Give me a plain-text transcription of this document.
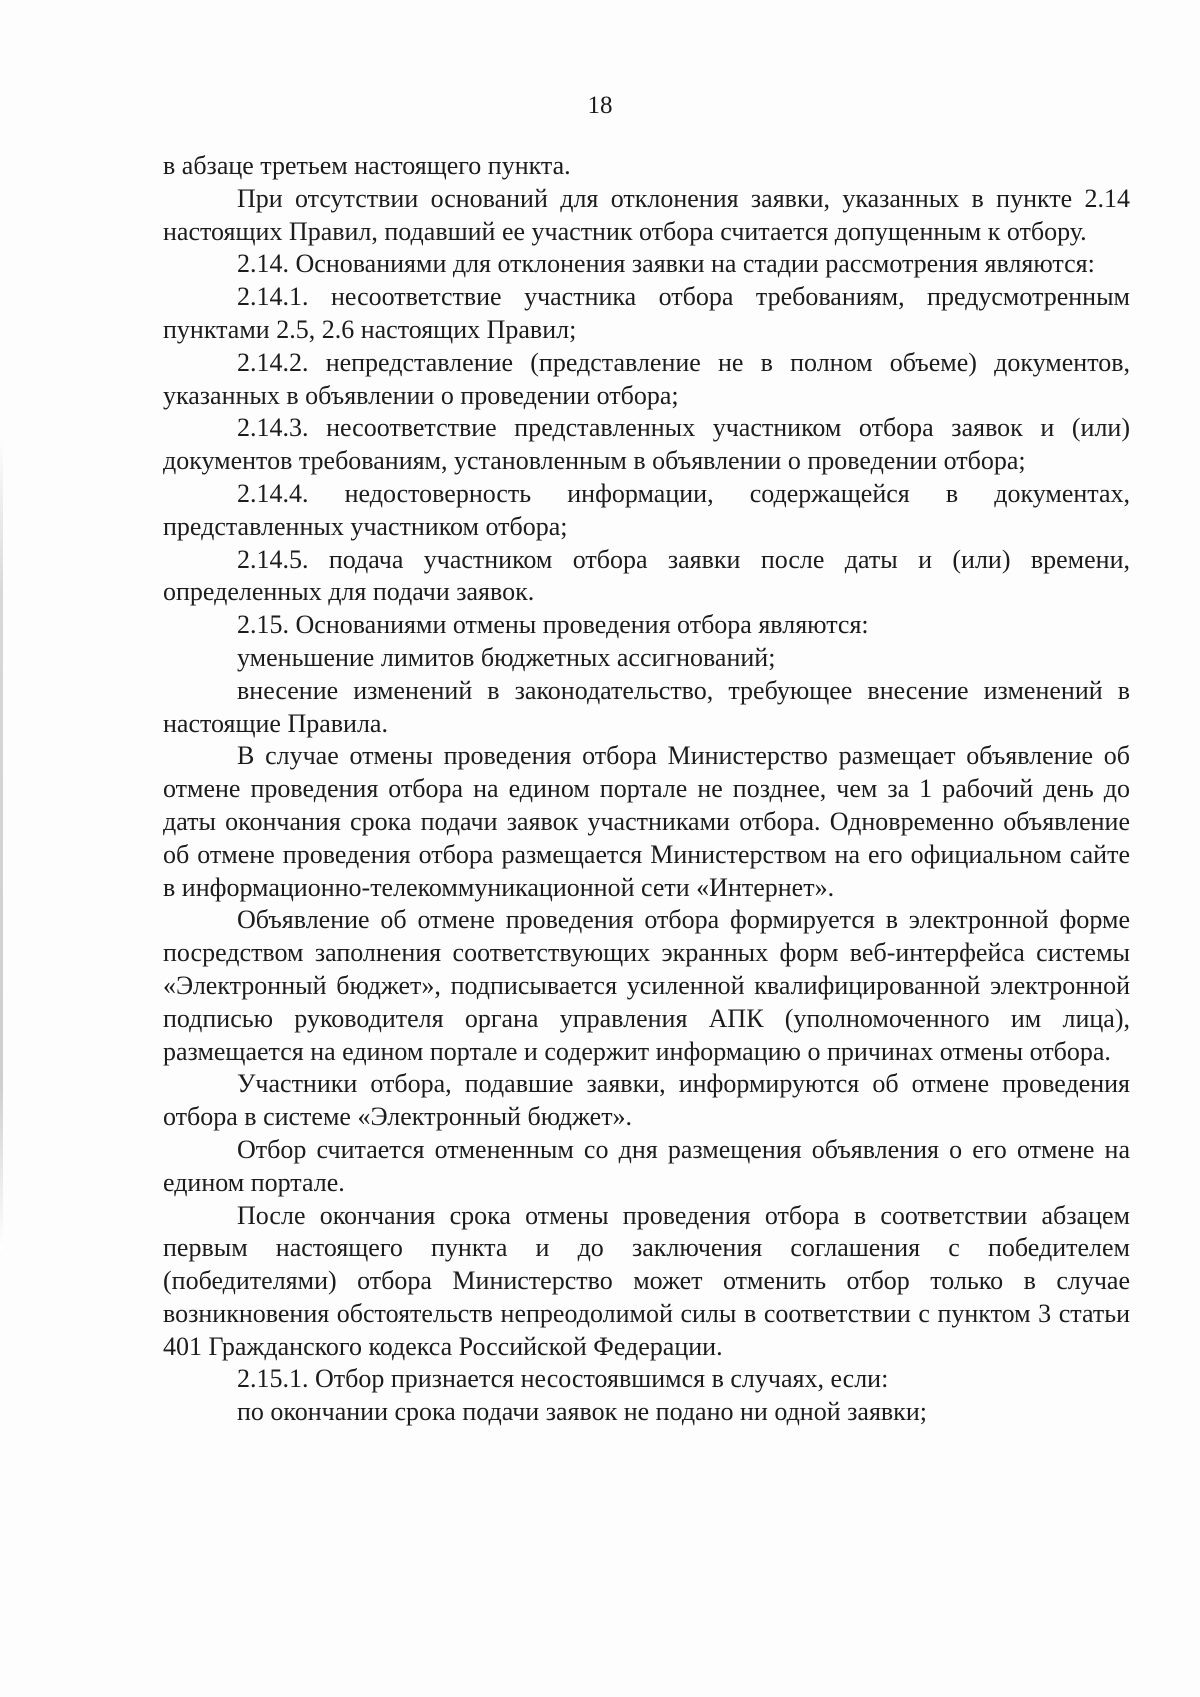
18

в абзаце третьем настоящего пункта.

При отсутствии оснований для отклонения заявки, указанных в пункте 2.14 настоящих Правил, подавший ее участник отбора считается допущенным к отбору.

2.14. Основаниями для отклонения заявки на стадии рассмотрения являются:

2.14.1. несоответствие участника отбора требованиям, предусмотренным пунктами 2.5, 2.6 настоящих Правил;

2.14.2. непредставление (представление не в полном объеме) документов, указанных в объявлении о проведении отбора;

2.14.3. несоответствие представленных участником отбора заявок и (или) документов требованиям, установленным в объявлении о проведении отбора;

2.14.4. недостоверность информации, содержащейся в документах, представленных участником отбора;

2.14.5. подача участником отбора заявки после даты и (или) времени, определенных для подачи заявок.

2.15. Основаниями отмены проведения отбора являются:

уменьшение лимитов бюджетных ассигнований;

внесение изменений в законодательство, требующее внесение изменений в настоящие Правила.

В случае отмены проведения отбора Министерство размещает объявление об отмене проведения отбора на едином портале не позднее, чем за 1 рабочий день до даты окончания срока подачи заявок участниками отбора. Одновременно объявление об отмене проведения отбора размещается Министерством на его официальном сайте в информационно-телекоммуникационной сети «Интернет».

Объявление об отмене проведения отбора формируется в электронной форме посредством заполнения соответствующих экранных форм веб-интерфейса системы «Электронный бюджет», подписывается усиленной квалифицированной электронной подписью руководителя органа управления АПК (уполномоченного им лица), размещается на едином портале и содержит информацию о причинах отмены отбора.

Участники отбора, подавшие заявки, информируются об отмене проведения отбора в системе «Электронный бюджет».

Отбор считается отмененным со дня размещения объявления о его отмене на едином портале.

После окончания срока отмены проведения отбора в соответствии абзацем первым настоящего пункта и до заключения соглашения с победителем (победителями) отбора Министерство может отменить отбор только в случае возникновения обстоятельств непреодолимой силы в соответствии с пунктом 3 статьи 401 Гражданского кодекса Российской Федерации.

2.15.1. Отбор признается несостоявшимся в случаях, если:

по окончании срока подачи заявок не подано ни одной заявки;
